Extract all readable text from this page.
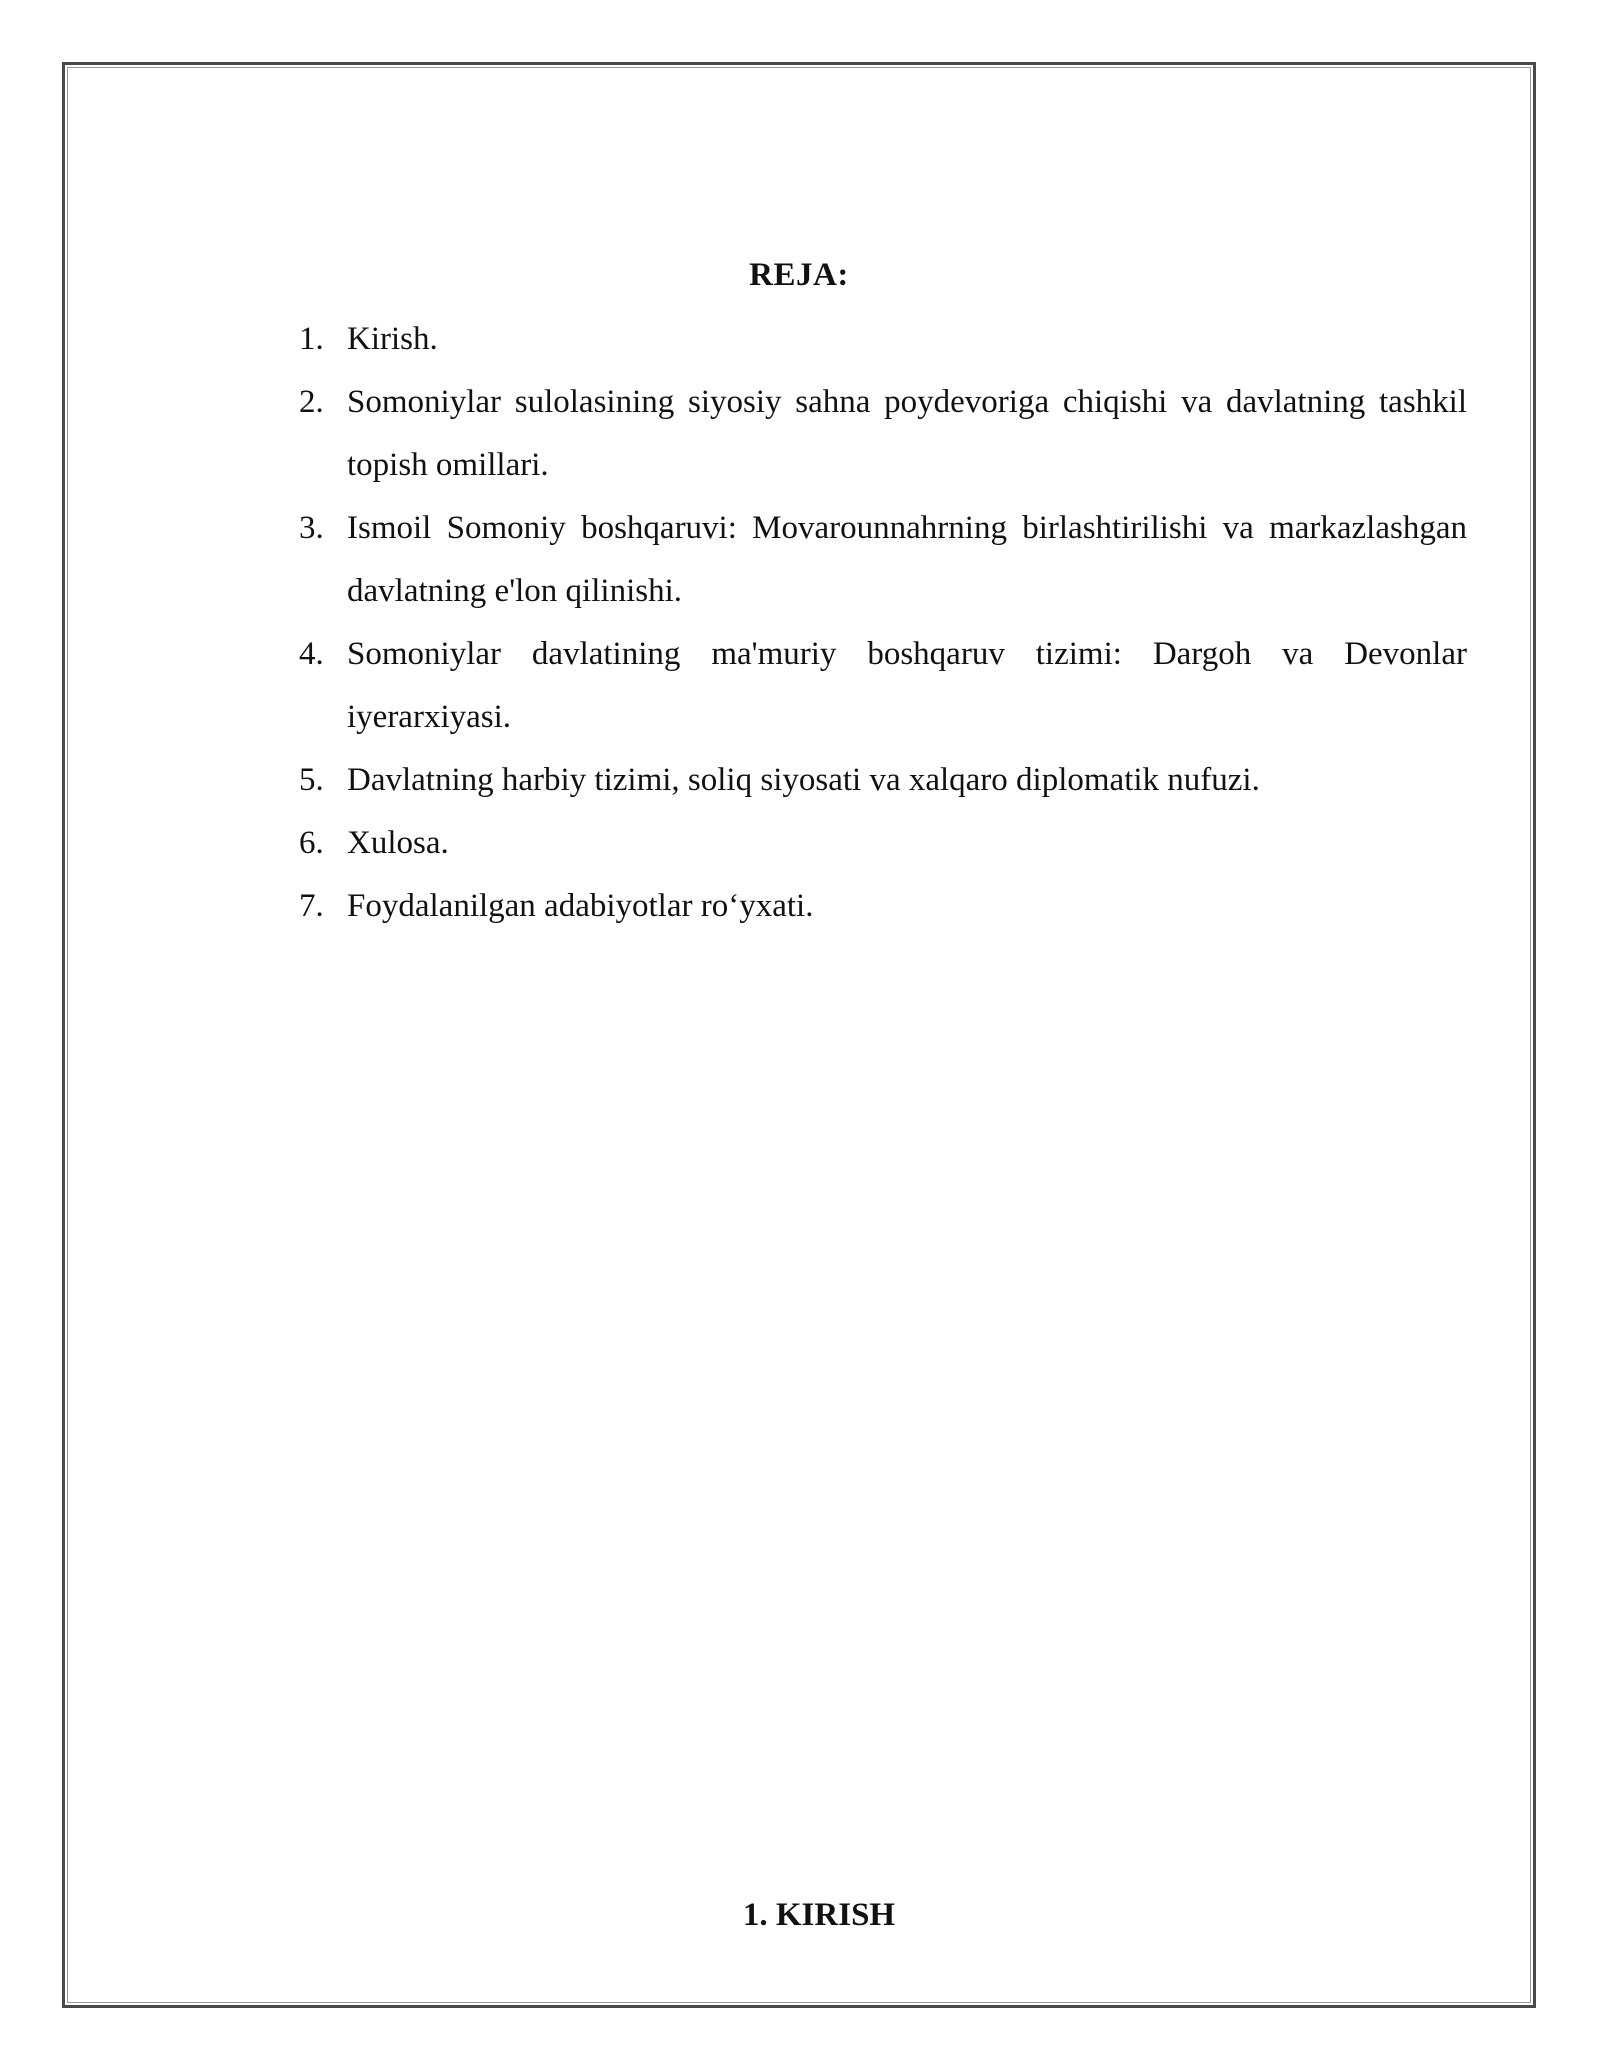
REJA:
1. Kirish.
2. Somoniylar sulolasining siyosiy sahna poydevoriga chiqishi va davlatning tashkil topish omillari.
3. Ismoil Somoniy boshqaruvi: Movarounnahrning birlashtirilishi va markazlashgan davlatning e'lon qilinishi.
4. Somoniylar davlatining ma'muriy boshqaruv tizimi: Dargoh va Devonlar iyerarxiyasi.
5. Davlatning harbiy tizimi, soliq siyosati va xalqaro diplomatik nufuzi.
6. Xulosa.
7. Foydalanilgan adabiyotlar roʻyxati.
1. KIRISH
